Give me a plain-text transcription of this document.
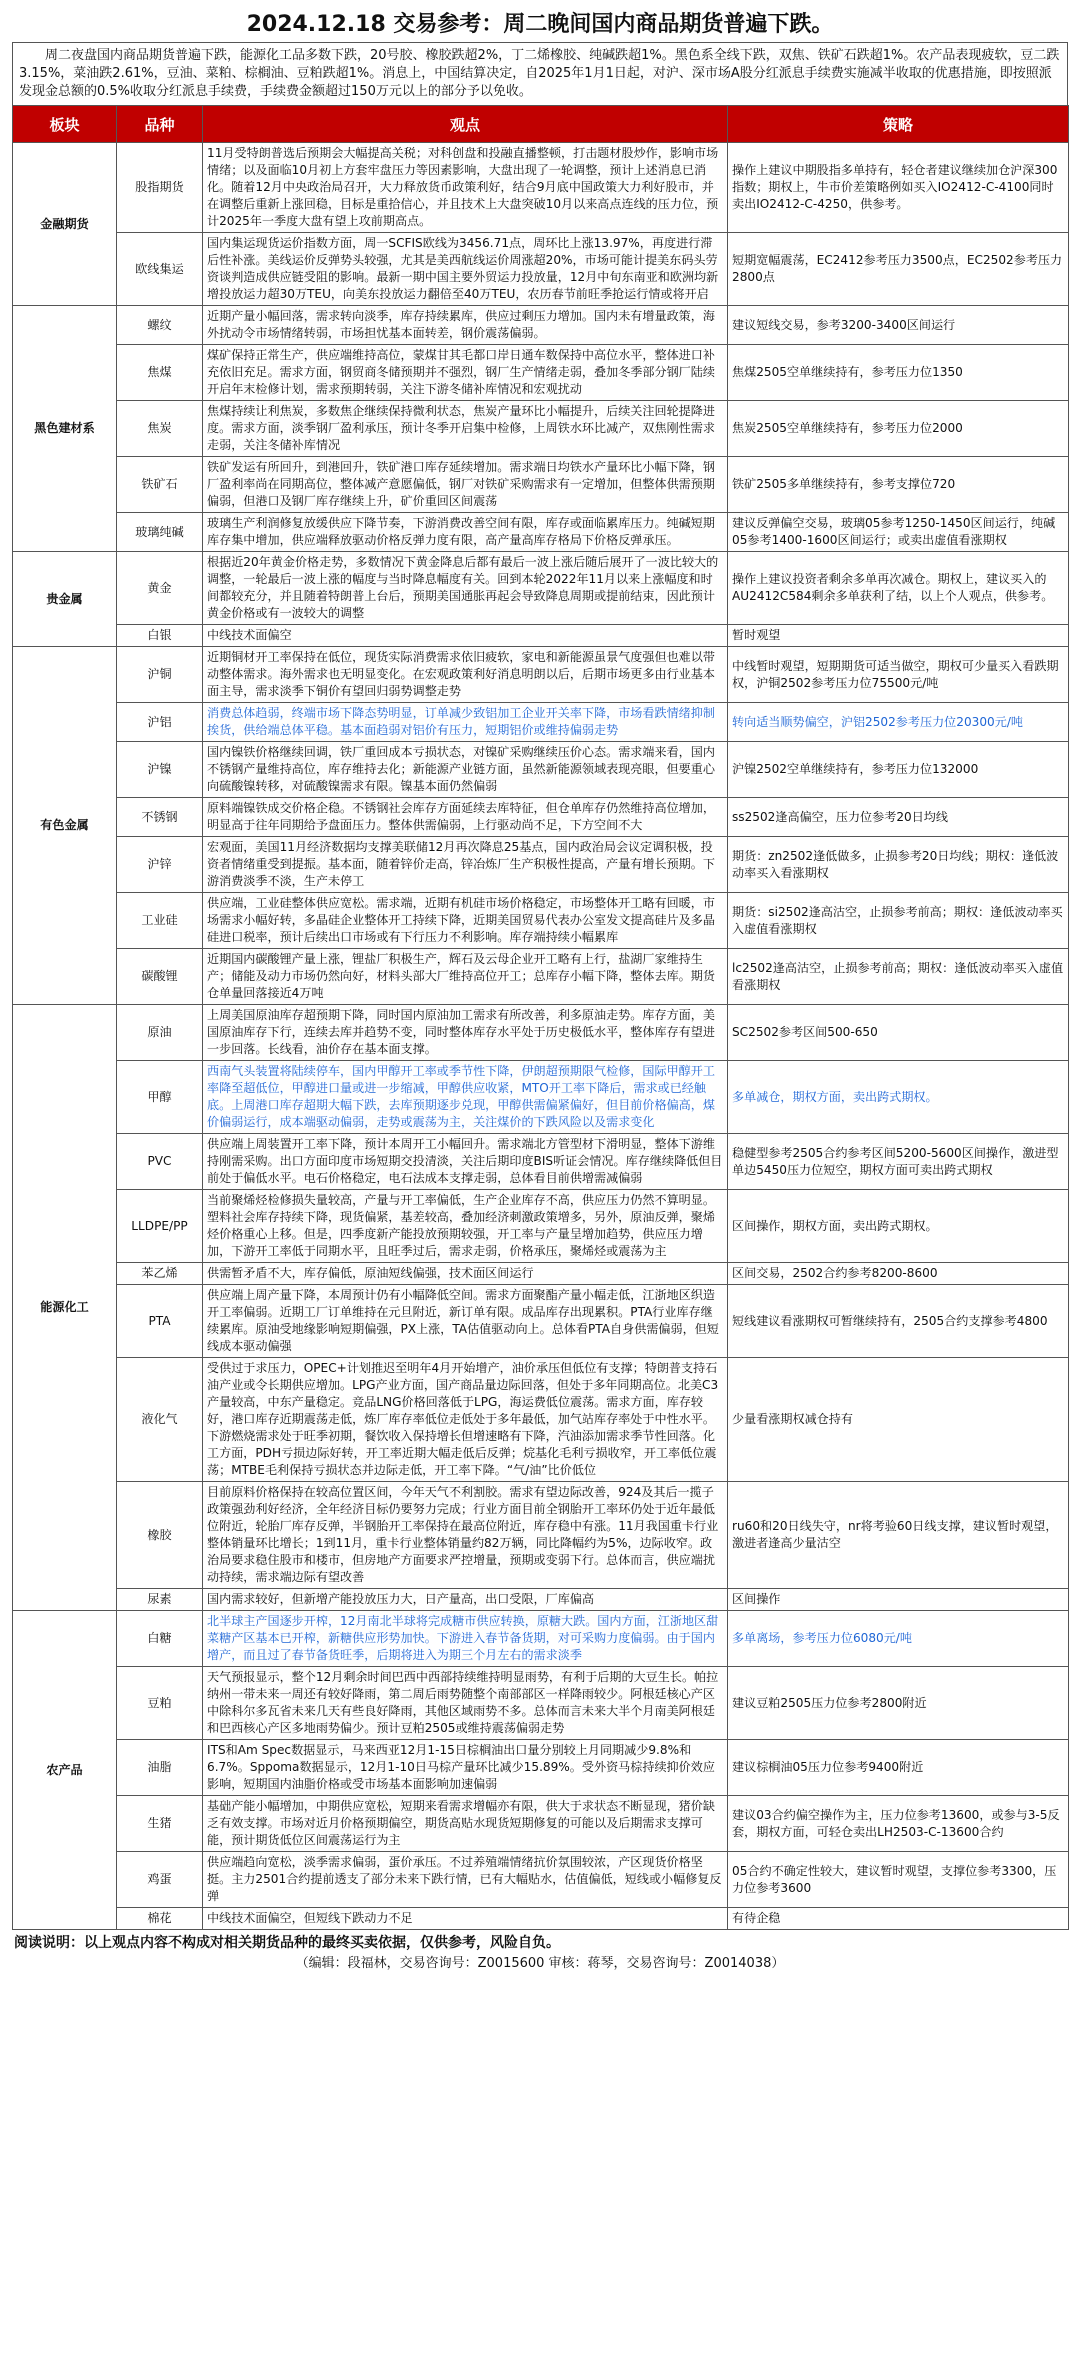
2024.12.18 交易参考：周二晚间国内商品期货普遍下跌。
周二夜盘国内商品期货普遍下跌，能源化工品多数下跌，20号胶、橡胶跌超2%，丁二烯橡胶、纯碱跌超1%。黑色系全线下跌，双焦、铁矿石跌超1%。农产品表现疲软，豆二跌3.15%，菜油跌2.61%，豆油、菜粕、棕榈油、豆粕跌超1%。消息上，中国结算决定，自2025年1月1日起，对沪、深市场A股分红派息手续费实施减半收取的优惠措施，即按照派发现金总额的0.5%收取分红派息手续费，手续费金额超过150万元以上的部分予以免收。
板块	品种	观点	策略
金融期货	股指期货	11月受特朗普选后预期会大幅提高关税；对科创盘和投融直播整顿，打击题材股炒作，影响市场情绪；以及面临10月初上方套牢盘压力等因素影响，大盘出现了一轮调整，预计上述消息已消化。随着12月中央政治局召开，大力释放货币政策利好，结合9月底中国政策大力利好股市，并在调整后重新上涨回稳，目标是重拾信心，并且技术上大盘突破10月以来高点连线的压力位，预计2025年一季度大盘有望上攻前期高点。	操作上建议中期股指多单持有，轻仓者建议继续加仓沪深300指数；期权上，牛市价差策略例如买入IO2412-C-4100同时卖出IO2412-C-4250，供参考。
	欧线集运	国内集运现货运价指数方面，周一SCFIS欧线为3456.71点，周环比上涨13.97%，再度进行滞后性补涨。美线运价反弹势头较强，尤其是美西航线运价周涨超20%，市场可能计提美东码头劳资谈判造成供应链受阻的影响。最新一期中国主要外贸运力投放量，12月中旬东南亚和欧洲均新增投放运力超30万TEU，向美东投放运力翻倍至40万TEU，农历春节前旺季抢运行情或将开启	短期宽幅震荡，EC2412参考压力3500点，EC2502参考压力2800点
黑色建材系	螺纹	近期产量小幅回落，需求转向淡季，库存持续累库，供应过剩压力增加。国内未有增量政策，海外扰动令市场情绪转弱，市场担忧基本面转差，钢价震荡偏弱。	建议短线交易，参考3200-3400区间运行
	焦煤	煤矿保持正常生产，供应端维持高位，蒙煤甘其毛都口岸日通车数保持中高位水平，整体进口补充依旧充足。需求方面，钢贸商冬储预期并不强烈，钢厂生产情绪走弱，叠加冬季部分钢厂陆续开启年末检修计划，需求预期转弱，关注下游冬储补库情况和宏观扰动	焦煤2505空单继续持有，参考压力位1350
	焦炭	焦煤持续让利焦炭，多数焦企继续保持微利状态，焦炭产量环比小幅提升，后续关注回轮提降进度。需求方面，淡季钢厂盈利承压，预计冬季开启集中检修，上周铁水环比减产，双焦刚性需求走弱，关注冬储补库情况	焦炭2505空单继续持有，参考压力位2000
	铁矿石	铁矿发运有所回升，到港回升，铁矿港口库存延续增加。需求端日均铁水产量环比小幅下降，钢厂盈利率尚在同期高位，整体减产意愿偏低，钢厂对铁矿采购需求有一定增加，但整体供需预期偏弱，但港口及钢厂库存继续上升，矿价重回区间震荡	铁矿2505多单继续持有，参考支撑位720
	玻璃纯碱	玻璃生产利润修复放缓供应下降节奏，下游消费改善空间有限，库存或面临累库压力。纯碱短期库存集中增加，供应端释放驱动价格反弹力度有限，高产量高库存格局下价格反弹承压。	建议反弹偏空交易，玻璃05参考1250-1450区间运行，纯碱05参考1400-1600区间运行；或卖出虚值看涨期权
贵金属	黄金	根据近20年黄金价格走势，多数情况下黄金降息后都有最后一波上涨后随后展开了一波比较大的调整，一轮最后一波上涨的幅度与当时降息幅度有关。回到本轮2022年11月以来上涨幅度和时间都较充分，并且随着特朗普上台后，预期美国通胀再起会导致降息周期或提前结束，因此预计黄金价格或有一波较大的调整	操作上建议投资者剩余多单再次减仓。期权上，建议买入的AU2412C584剩余多单获利了结，以上个人观点，供参考。
	白银	中线技术面偏空	暂时观望
有色金属	沪铜	近期铜材开工率保持在低位，现货实际消费需求依旧疲软，家电和新能源虽景气度强但也难以带动整体需求。海外需求也无明显变化。在宏观政策利好消息明朗以后，后期市场更多由行业基本面主导，需求淡季下铜价有望回归弱势调整走势	中线暂时观望，短期期货可适当做空，期权可少量买入看跌期权，沪铜2502参考压力位75500元/吨
	沪铝	消费总体趋弱，终端市场下降态势明显，订单减少致铝加工企业开关率下降，市场看跌情绪抑制挨货，供给端总体平稳。基本面趋弱对铝价有压力，短期铝价或维持偏弱走势	转向适当顺势偏空，沪铝2502参考压力位20300元/吨
	沪镍	国内镍铁价格继续回调，铁厂重回成本亏损状态，对镍矿采购继续压价心态。需求端来看，国内不锈钢产量维持高位，库存维持去化；新能源产业链方面，虽然新能源领域表现亮眼，但要重心向硫酸镍转移，对硫酸镍需求有限。镍基本面仍然偏弱	沪镍2502空单继续持有，参考压力位132000
	不锈钢	原料端镍铁成交价格企稳。不锈钢社会库存方面延续去库特征，但仓单库存仍然维持高位增加，明显高于往年同期给予盘面压力。整体供需偏弱，上行驱动尚不足，下方空间不大	ss2502逢高偏空，压力位参考20日均线
	沪锌	宏观面，美国11月经济数据均支撑美联储12月再次降息25基点，国内政治局会议定调积极，投资者情绪重受到提振。基本面，随着锌价走高，锌冶炼厂生产积极性提高，产量有增长预期。下游消费淡季不淡，生产未停工	期货：zn2502逢低做多，止损参考20日均线；期权：逢低波动率买入看涨期权
	工业硅	供应端，工业硅整体供应宽松。需求端，近期有机硅市场价格稳定，市场整体开工略有回暖，市场需求小幅好转，多晶硅企业整体开工持续下降，近期美国贸易代表办公室发文提高硅片及多晶硅进口税率，预计后续出口市场或有下行压力不利影响。库存端持续小幅累库	期货：si2502逢高沽空，止损参考前高；期权：逢低波动率买入虚值看涨期权
	碳酸锂	近期国内碳酸锂产量上涨，锂盐厂积极生产，辉石及云母企业开工略有上行，盐湖厂家维持生产；储能及动力市场仍然向好，材料头部大厂维持高位开工；总库存小幅下降，整体去库。期货仓单量回落接近4万吨	lc2502逢高沽空，止损参考前高；期权：逢低波动率买入虚值看涨期权
能源化工	原油	上周美国原油库存超预期下降，同时国内原油加工需求有所改善，利多原油走势。库存方面，美国原油库存下行，连续去库并趋势不变，同时整体库存水平处于历史极低水平，整体库存有望进一步回落。长线看，油价存在基本面支撑。	SC2502参考区间500-650
	甲醇	西南气头装置将陆续停车，国内甲醇开工率或季节性下降，伊朗超预期限气检修，国际甲醇开工率降至超低位，甲醇进口量或进一步缩减，甲醇供应收紧，MTO开工率下降后，需求或已经触底。上周港口库存超期大幅下跌，去库预期逐步兑现，甲醇供需偏紧偏好，但目前价格偏高，煤价偏弱运行，成本端驱动偏弱，走势或震荡为主，关注煤价的下跌风险以及需求变化	多单减仓，期权方面，卖出跨式期权。
	PVC	供应端上周装置开工率下降，预计本周开工小幅回升。需求端北方管型材下滑明显，整体下游维持刚需采购。出口方面印度市场短期交投清淡，关注后期印度BIS听证会情况。库存继续降低但目前处于偏低水平。电石价格稳定，电石法成本支撑走弱，总体看目前供增需减偏弱	稳健型参考2505合约参考区间5200-5600区间操作，激进型单边5450压力位短空，期权方面可卖出跨式期权
	LLDPE/PP	当前聚烯烃检修损失量较高，产量与开工率偏低，生产企业库存不高，供应压力仍然不算明显。塑料社会库存持续下降，现货偏紧，基差较高，叠加经济刺激政策增多，另外，原油反弹，聚烯烃价格重心上移。但是，四季度新产能投放预期较强，开工率与产量呈增加趋势，供应压力增加，下游开工率低于同期水平，且旺季过后，需求走弱，价格承压，聚烯烃或震荡为主	区间操作，期权方面，卖出跨式期权。
	苯乙烯	供需暂矛盾不大，库存偏低，原油短线偏强，技术面区间运行	区间交易，2502合约参考8200-8600
	PTA	供应端上周产量下降，本周预计仍有小幅降低空间。需求方面聚酯产量小幅走低，江浙地区织造开工率偏弱。近期工厂订单维持在元旦附近，新订单有限。成品库存出现累积。PTA行业库存继续累库。原油受地缘影响短期偏强，PX上涨，TA估值驱动向上。总体看PTA自身供需偏弱，但短线成本驱动偏强	短线建议看涨期权可暂继续持有，2505合约支撑参考4800
	液化气	受供过于求压力，OPEC+计划推迟至明年4月开始增产，油价承压但低位有支撑；特朗普支持石油产业或令长期供应增加。LPG产业方面，国产商品量边际回落，但处于多年同期高位。北美C3产量较高，中东产量稳定。竞品LNG价格回落低于LPG，海运费低位震荡。需求方面，库存较好，港口库存近期震荡走低，炼厂库存率低位走低处于多年最低，加气站库存率处于中性水平。下游燃烧需求处于旺季初期，餐饮收入保持增长但增速略有下降，汽油添加需求季节性回落。化工方面，PDH亏损边际好转，开工率近期大幅走低后反弹；烷基化毛利亏损收窄，开工率低位震荡；MTBE毛利保持亏损状态并边际走低，开工率下降。“气/油”比价低位	少量看涨期权减仓持有
	橡胶	目前原料价格保持在较高位置区间，今年天气不利割胶。需求有望边际改善，924及其后一揽子政策强劲利好经济，全年经济目标仍要努力完成；行业方面目前全钢胎开工率环仍处于近年最低位附近，轮胎厂库存反弹，半钢胎开工率保持在最高位附近，库存稳中有涨。11月我国重卡行业整体销量环比增长；1到11月，重卡行业整体销量约82万辆，同比降幅约为5%，边际收窄。政治局要求稳住股市和楼市，但房地产方面要求严控增量，预期或变弱下行。总体而言，供应端扰动持续，需求端边际有望改善	ru60和20日线失守，nr将考验60日线支撑，建议暂时观望，激进者逢高少量沽空
	尿素	国内需求较好，但新增产能投放压力大，日产量高，出口受限，厂库偏高	区间操作
农产品	白糖	北半球主产国逐步开榨，12月南北半球将完成糖市供应转换，原糖大跌。国内方面，江浙地区甜菜糖产区基本已开榨，新糖供应形势加快。下游进入春节备货期，对可采购力度偏弱。由于国内增产，而且过了春节备货旺季，后期将进入为期三个月左右的需求淡季	多单离场，参考压力位6080元/吨
	豆粕	天气预报显示，整个12月剩余时间巴西中西部持续维持明显雨势，有利于后期的大豆生长。帕拉纳州一带未来一周还有较好降雨，第二周后雨势随整个南部部区一样降雨较少。阿根廷核心产区中除科尔多瓦省未来几天有些良好降雨，其他区域雨势不多。总体而言未来大半个月南美阿根廷和巴西核心产区多地雨势偏少。预计豆粕2505或维持震荡偏弱走势	建议豆粕2505压力位参考2800附近
	油脂	ITS和Am Spec数据显示，马来西亚12月1-15日棕榈油出口量分别较上月同期减少9.8%和6.7%。Sppoma数据显示，12月1-10日马棕产量环比减少15.89%。受外资马棕持续抑价效应影响，短期国内油脂价格或受市场基本面影响加速偏弱	建议棕榈油05压力位参考9400附近
	生猪	基础产能小幅增加，中期供应宽松，短期来看需求增幅亦有限，供大于求状态不断显现，猪价缺乏有效支撑。市场对近月价格预期偏空，期货高贴水现货短期修复的可能以及后期需求支撑可能，预计期货低位区间震荡运行为主	建议03合约偏空操作为主，压力位参考13600，或参与3-5反套，期权方面，可轻仓卖出LH2503-C-13600合约
	鸡蛋	供应端趋向宽松，淡季需求偏弱，蛋价承压。不过养殖端情绪抗价氛围较浓，产区现货价格坚挺。主力2501合约提前透支了部分未来下跌行情，已有大幅贴水，估值偏低，短线或小幅修复反弹	05合约不确定性较大，建议暂时观望，支撑位参考3300，压力位参考3600
	棉花	中线技术面偏空，但短线下跌动力不足	有待企稳
阅读说明：以上观点内容不构成对相关期货品种的最终买卖依据，仅供参考，风险自负。
（编辑：段福林，交易咨询号：Z0015600 审核：蒋琴，交易咨询号：Z0014038）
